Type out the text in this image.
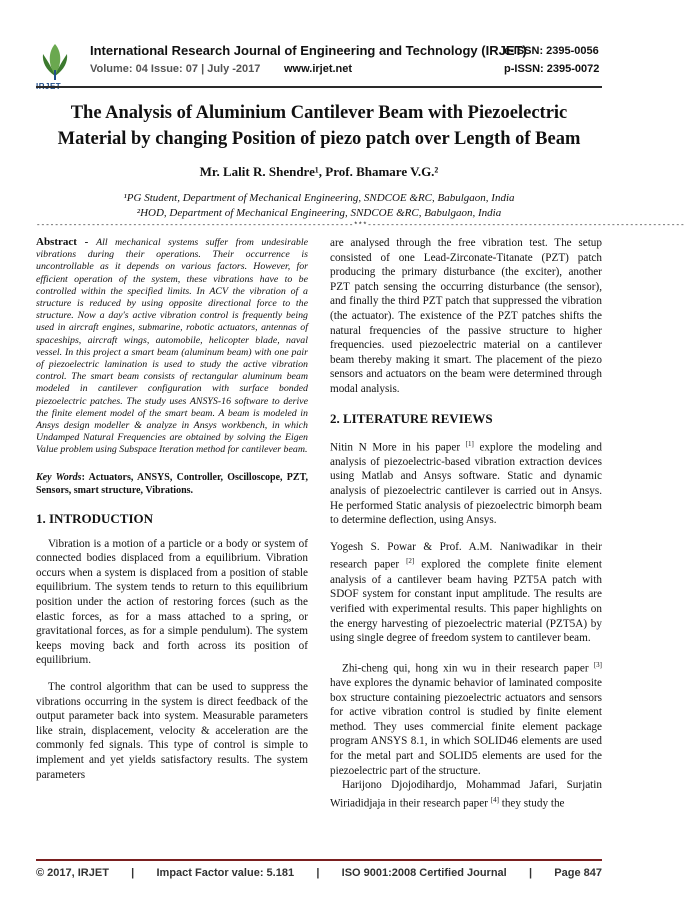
International Research Journal of Engineering and Technology (IRJET)
e-ISSN: 2395-0056
Volume: 04 Issue: 07 | July -2017 www.irjet.net	p-ISSN: 2395-0072
The Analysis of Aluminium Cantilever Beam with Piezoelectric
Material by changing Position of piezo patch over Length of Beam
Mr. Lalit R. Shendre¹, Prof. Bhamare V.G.²
¹PG Student, Department of Mechanical Engineering, SNDCOE &RC, Babulgaon, India
²HOD, Department of Mechanical Engineering, SNDCOE &RC, Babulgaon, India
---------------------------------------------------------------------***---------------------------------------------------------------------

Abstract - All mechanical systems suffer from undesirable vibrations during their operations. Their occurrence is uncontrollable as it depends on various factors. However, for efficient operation of the system, these vibrations have to be controlled within the specified limits. In ACV the vibration of a structure is reduced by using opposite directional force to the structure. Now a day's active vibration control is frequently being used in aircraft engines, submarine, robotic actuators, antennas of spaceships, aircraft wings, automobile, helicopter blade, naval vessel. In this project a smart beam (aluminum beam) with one pair of piezoelectric lamination is used to study the active vibration control. The smart beam consists of rectangular aluminum beam modeled in cantilever configuration with surface bonded piezoelectric patches. The study uses ANSYS-16 software to derive the finite element model of the smart beam. A beam is modeled in Ansys design modeller & analyze in Ansys workbench, in which Undamped Natural Frequencies are obtained by solving the Eigen Value problem using Subspace Iteration method for cantilever beam.

Key Words: Actuators, ANSYS, Controller, Oscilloscope, PZT, Sensors, smart structure, Vibrations.

1. INTRODUCTION

Vibration is a motion of a particle or a body or system of connected bodies displaced from a equilibrium. Vibration occurs when a system is displaced from a position of stable equilibrium. The system tends to return to this equilibrium position under the action of restoring forces (such as the elastic forces, as for a mass attached to a spring, or gravitational forces, as for a simple pendulum). The system keeps moving back and forth across its position of equilibrium.

The control algorithm that can be used to suppress the vibrations occurring in the system is direct feedback of the output parameter back into system. Measurable parameters like strain, displacement, velocity & acceleration are the commonly fed signals. This type of control is simple to implement and yet yields satisfactory results. The system parameters

are analysed through the free vibration test. The setup consisted of one Lead-Zirconate-Titanate (PZT) patch producing the primary disturbance (the exciter), another PZT patch sensing the occurring disturbance (the sensor), and finally the third PZT patch that suppressed the vibration (the actuator). The existence of the PZT patches shifts the natural frequencies of the passive structure to higher frequencies. used piezoelectric material on a cantilever beam thereby making it smart. The placement of the piezo sensors and actuators on the beam were determined through modal analysis.

2. LITERATURE REVIEWS

Nitin N More in his paper [1] explore the modeling and analysis of piezoelectric-based vibration extraction devices using Matlab and Ansys software. Static and dynamic analysis of piezoelectric cantilever is carried out in Ansys. He performed Static analysis of piezoelectric bimorph beam to determine deflection, using Ansys.

Yogesh S. Powar & Prof. A.M. Naniwadikar in their research paper [2] explored the complete finite element analysis of a cantilever beam having PZT5A patch with SDOF system for constant input amplitude. The results are verified with experimental results. This paper highlights on the energy harvesting of piezoelectric material (PZT5A) by using single degree of freedom system to cantilever beam.

Zhi-cheng qui, hong xin wu in their research paper [3] have explores the dynamic behavior of laminated composite box structure containing piezoelectric actuators and sensors for active vibration control is studied by finite element method. They uses commercial finite element package program ANSYS 8.1, in which SOLID46 elements are used for the metal part and SOLID5 elements are used for the piezoelectric part of the structure.

Harijono Djojodihardjo, Mohammad Jafari, Surjatin Wiriadidjaja in their research paper [4] they study the

© 2017, IRJET | Impact Factor value: 5.181 | ISO 9001:2008 Certified Journal | Page 847
